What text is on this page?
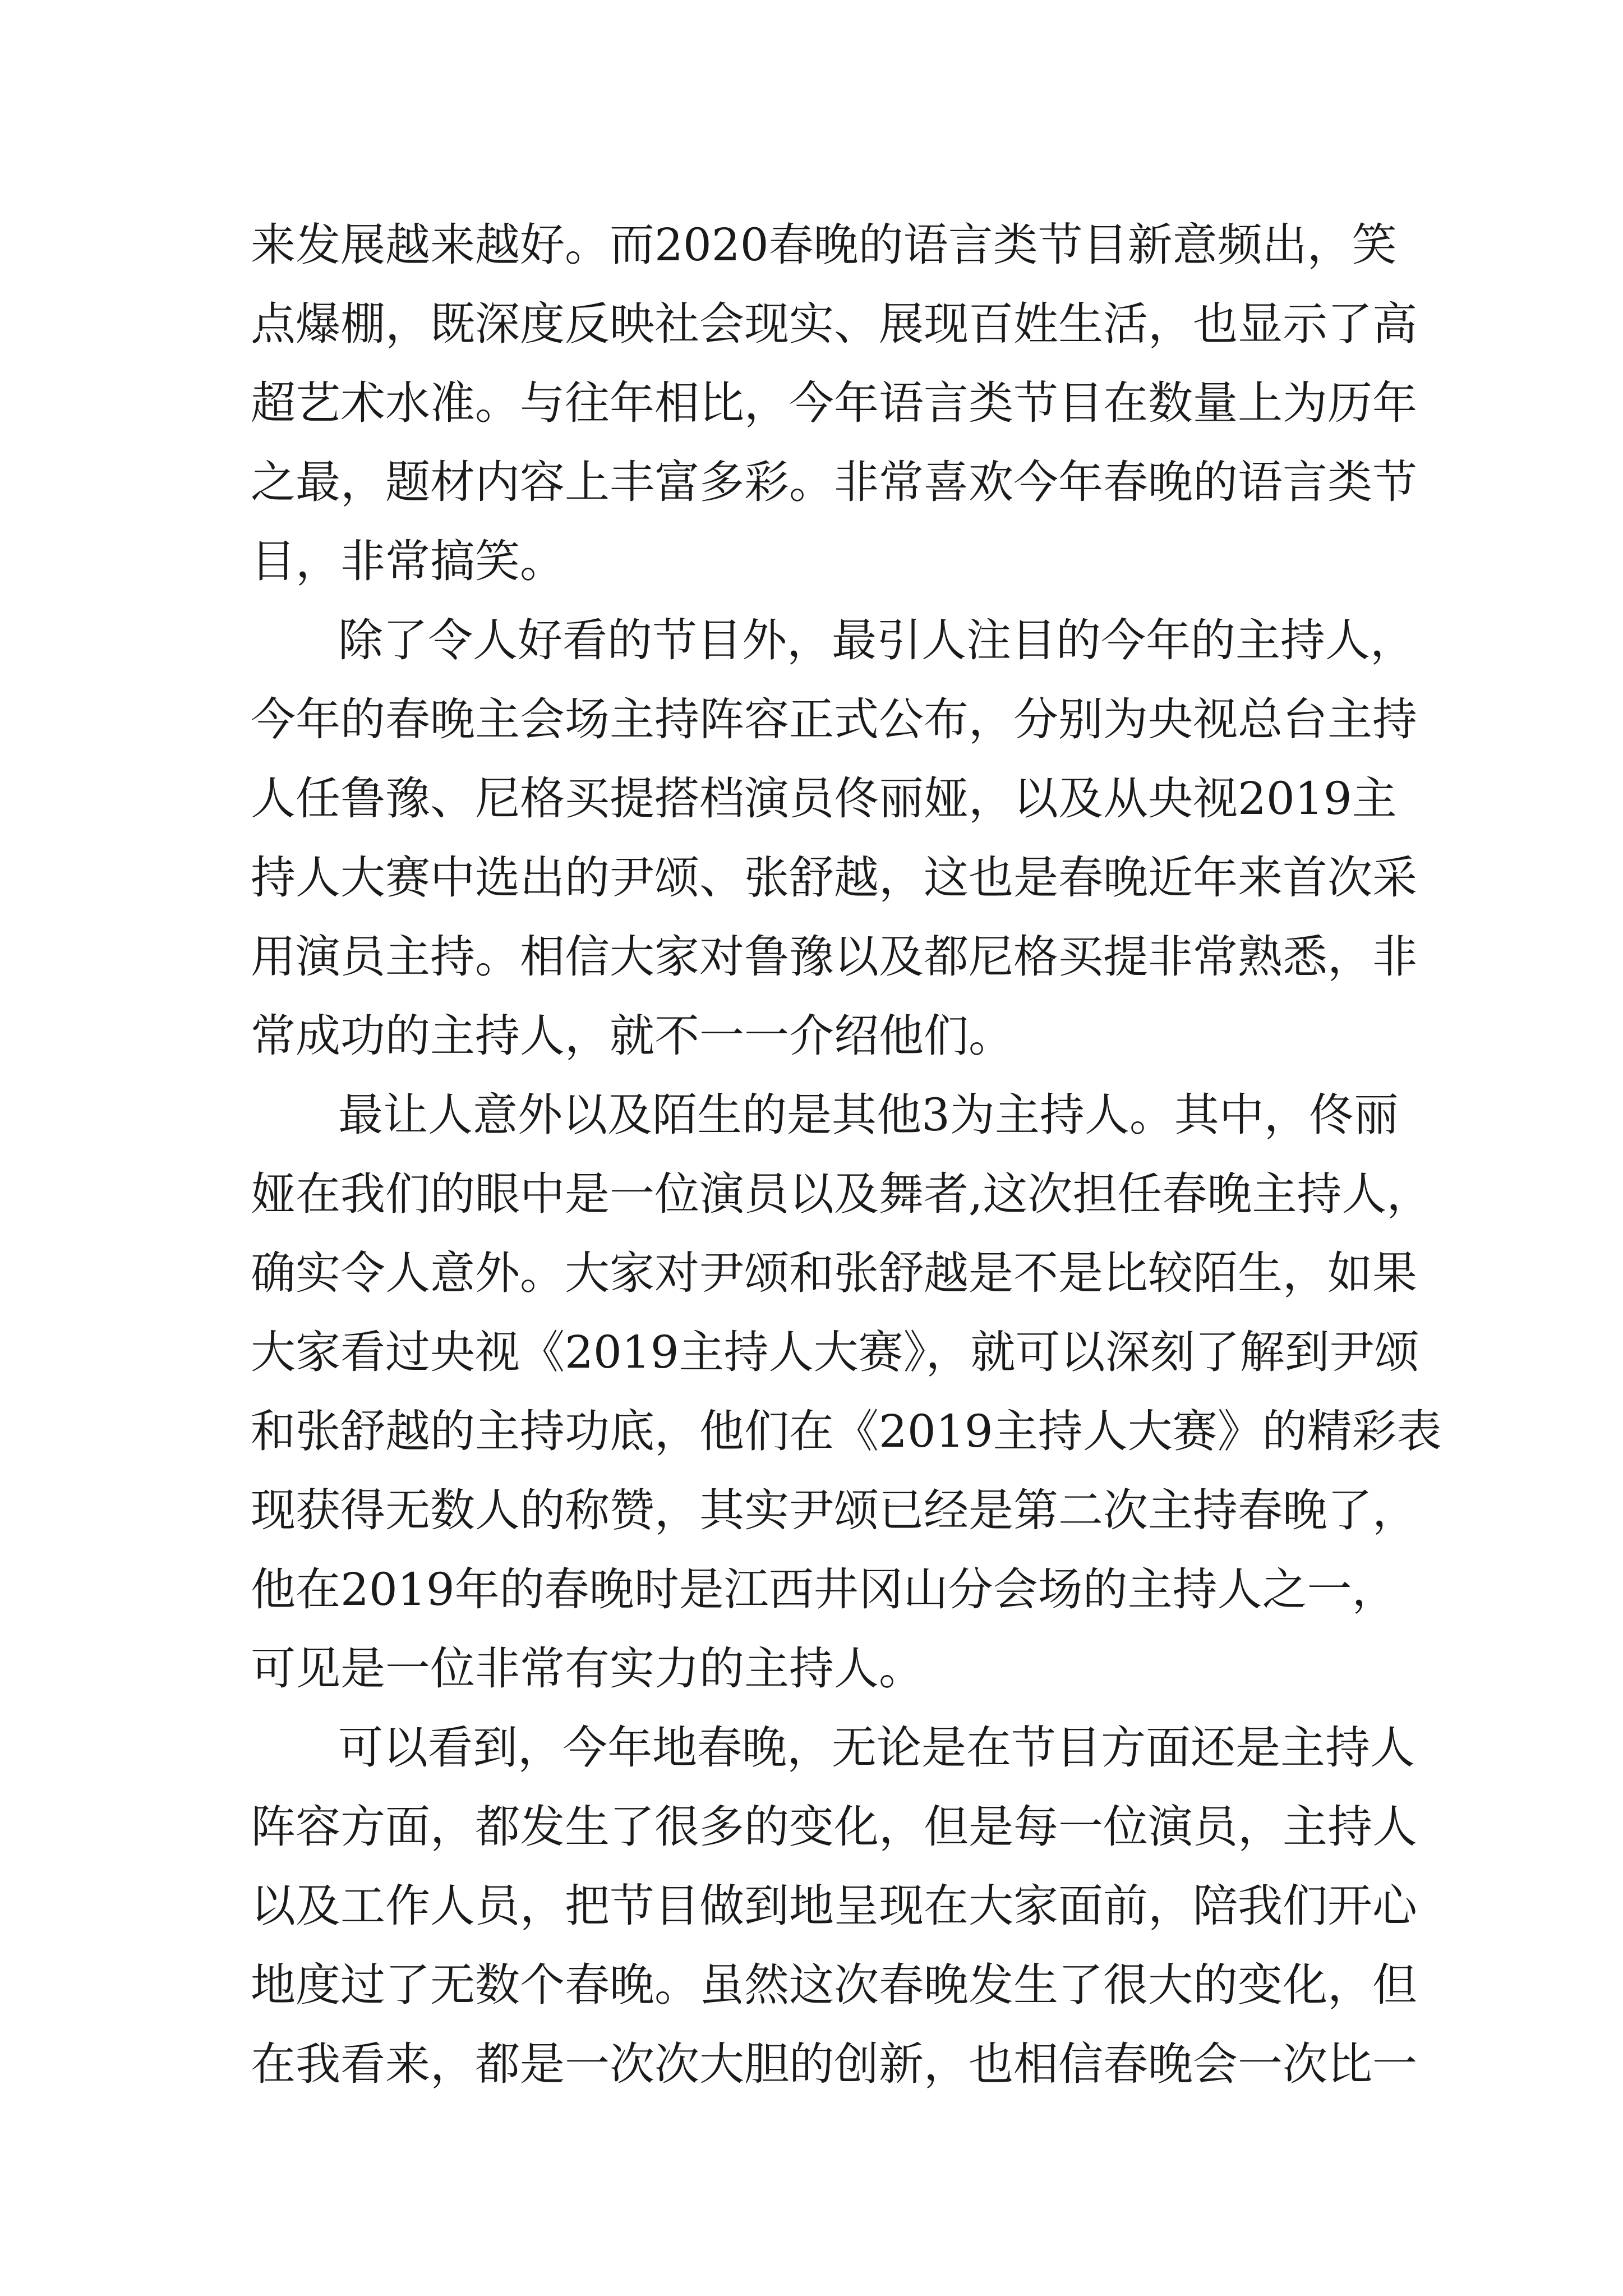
来发展越来越好。而2020春晚的语言类节目新意频出，笑
点爆棚，既深度反映社会现实、展现百姓生活，也显示了高
超艺术水准。与往年相比，今年语言类节目在数量上为历年
之最，题材内容上丰富多彩。非常喜欢今年春晚的语言类节
目，非常搞笑。
除了令人好看的节目外，最引人注目的今年的主持人，
今年的春晚主会场主持阵容正式公布，分别为央视总台主持
人任鲁豫、尼格买提搭档演员佟丽娅，以及从央视2019主
持人大赛中选出的尹颂、张舒越，这也是春晚近年来首次采
用演员主持。相信大家对鲁豫以及都尼格买提非常熟悉，非
常成功的主持人，就不一一介绍他们。
最让人意外以及陌生的是其他3为主持人。其中，佟丽
娅在我们的眼中是一位演员以及舞者,这次担任春晚主持人，
确实令人意外。大家对尹颂和张舒越是不是比较陌生，如果
大家看过央视《2019主持人大赛》，就可以深刻了解到尹颂
和张舒越的主持功底，他们在《2019主持人大赛》的精彩表
现获得无数人的称赞，其实尹颂已经是第二次主持春晚了，
他在2019年的春晚时是江西井冈山分会场的主持人之一，
可见是一位非常有实力的主持人。
可以看到，今年地春晚，无论是在节目方面还是主持人
阵容方面，都发生了很多的变化，但是每一位演员，主持人
以及工作人员，把节目做到地呈现在大家面前，陪我们开心
地度过了无数个春晚。虽然这次春晚发生了很大的变化，但
在我看来，都是一次次大胆的创新，也相信春晚会一次比一
